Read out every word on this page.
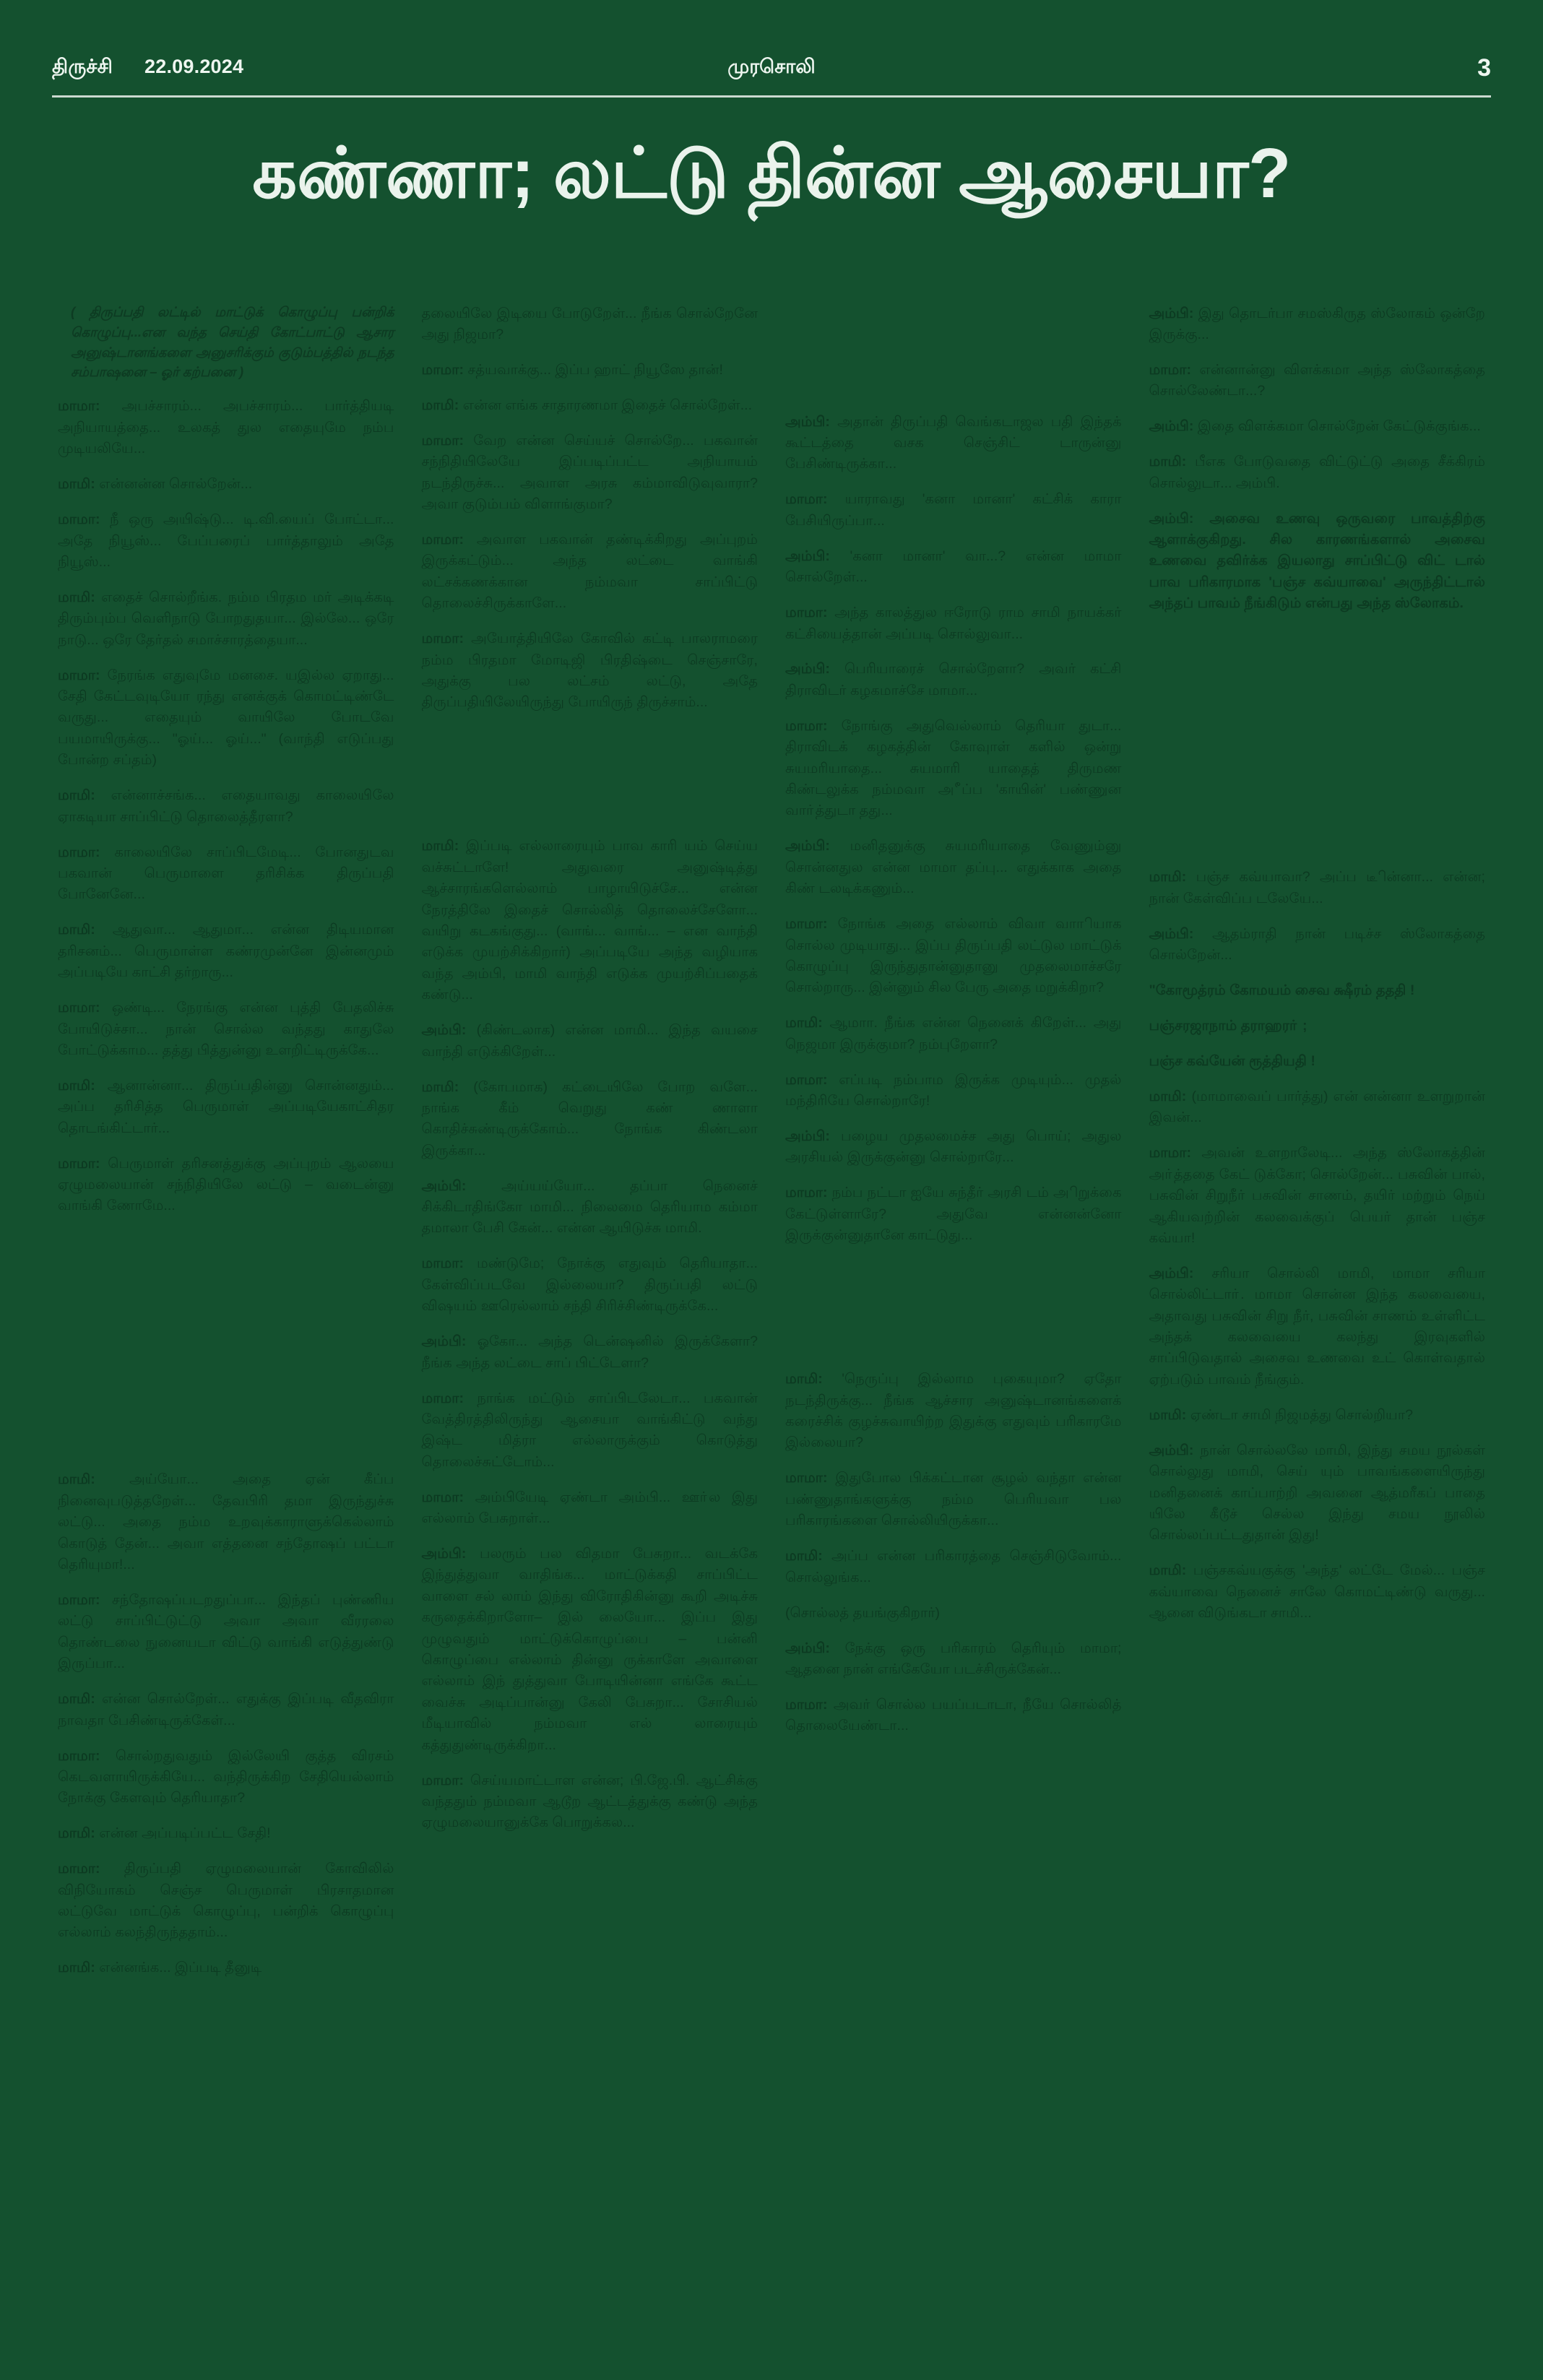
திருச்சி 22.09.2024	முரசொலி	3
கண்ணா; லட்டு தின்ன ஆசையா?

( திருப்பதி லட்டில் மாட்டுக் கொழுப்பு பன்றிக் கொழுப்பு...என வந்த செய்தி கோட்பாட்டு ஆசார அனுஷ்டானங்களை அனுசரிக்கும் குடும்பத்தில் நடந்த சம்பாஷனை – ஓர் கற்பனை )

மாமா: அபச்சாரம்... அபச்சாரம்... பார்த்தியடி அநியாயத்தை... உலகத் துல எதையுமே நம்ப முடியலியே...

மாமி: என்னன்ன சொல்றேன்...

மாமா: நீ ஒரு அயிஷ்டு... டி.வி.யைப் போட்டா... அதே நியூஸ்... பேப்பரைப் பார்த்தாலும் அதே நியூஸ்...

மாமி: எதைச் சொல்றீங்க. நம்ம பிரதம மர் அடிக்கடி திரும்பும்ப வெளிநாடு போறதுதயா... இல்லே... ஒரே நாடு... ஒரே தேர்தல் சமாச்சாரத்தையா...

மாமா: நேரங்க எதுவுமே மனசை. யஇல்ல ஏறாது... சேதி கேட்டவுடியோ ரந்து எனக்குக் கொமட்டிண்டே வருது... எதையும் வாயிலே போடவே பயமாயிருக்கு... "ஓய்... ஓய்..." (வாந்தி எடுப்பது போன்ற சப்தம்)

மாமி: என்னாச்சங்க... எதையாவது காலையிலே ஏாகடியா சாப்பிட்டு தொலைத்தீரளா?

மாமா: காலையிலே சாப்பிடமேடி... போனதுடவ பகவான் பெருமாளை தரிசிக்க திருப்பதி போனேனே...

மாமி: ஆதுவா... ஆதுமா... என்ன திடியமான தரிசனம்... பெருமாள்ள கண்ரமுன்னே இன்னமும் அப்படியே காட்சி தர்றாரு...

மாமா: ஒண்டி... நேரங்கு என்ன புத்தி பேதலிச்சு போயிடுச்சா... நான் சொல்ல வந்தது காதுலே போட்டுக்காம... தத்து பித்துன்னு உளறிட்டிருக்கே...

மாமி: ஆனான்னா... திருப்பதின்னு சொன்னதும்... அப்ப தரிசித்த பெருமாள் அப்படியேகாட்சிதர தொடங்கிட்டார்...

மாமா: பெருமாள் தரிசனத்துக்கு அப்புறம் ஆலயை ஏழுமலையான் சந்நிதியிலே லட்டு – வடைன்னு வாங்கி ணோமே...

மாமி: அய்யோ... அதை ஏன் கீப்ப நினைவுபடுத்தறேள்... தேவபிரி தமா இருந்துச்சு லட்டு... அதை நம்ம உறவுக்காராளுக்கெல்லாம் கொடுத் தேன்... அவா எத்தனை சந்தோஷப் பட்டா தெரியுமா!...

மாமா: சந்தோஷப்படறதுப்பா... இந்தப் புண்ணிய லட்டு சாப்பிட்டுட்டு அவா அவா வீரரலை தொண்டலை நுனையடா விட்டு வாங்கி எடுத்துண்டு இருப்பா...

மாமி: என்ன சொல்றேள்... எதுக்கு இப்படி வீதவிரா நாவதா பேசிண்டிருக்கேள்...

மாமா: சொல்றதுவதும் இல்லேயி குத்த விரசம் கெடவளாயிருக்கியே... வந்திருக்கிற சேதியெல்லாம் நோக்கு கேளவும் தெரியாதா?

மாமி: என்ன அப்படிப்பட்ட சேதி!

மாமா: திருப்பதி ஏழுமலையான் கோவிலில் விநியோகம் செஞ்ச பெருமாள் பிரசாதமான லட்டுவே மாட்டுக் கொழுப்பு, பன்றிக் கொழுப்பு எல்லாம் கலந்திருந்ததாம்...

மாமி: என்னங்க... இப்படி தீனுடி

தலையிலே இடியை போடுறேள்... நீங்க சொல்றேனே அது நிஜமா?

மாமா: சத்யவாக்கு... இப்ப ஹாட் நியூஸே தான்!

மாமி: என்ன எங்க சாதாரணமா இதைச் சொல்றேள்...

மாமா: வேற என்ன செய்யச் சொல்றே... பகவான் சந்நிதியிலேயே இப்படிப்பட்ட அநியாயம் நடந்திருச்சு... அவாள அரசு கம்மாவிடுவுவாரா? அவா குடும்பம் விளாங்குமா?

மாமா: அவாள பகவான் தண்டிக்கிறது அப்புறம் இருக்கட்டும்... அந்த லட்டை வாங்கி லட்சக்கணக்கான நம்மவா சாப்பிட்டு தொலைச்சிருக்காளே...

மாமா: அயோத்தியிலே கோவில் கட்டி பாலராமரை நம்ம பிரதமா மோடிஜி பிரதிஷ்டை செஞ்சாரே, அதுக்கு பல லட்சம் லட்டு, அதே திருப்பதியிலேயிருந்து போயிருந் திருச்சாம்...

மாமி: இப்படி எல்லாரையும் பாவ காரி யம் செய்ய வச்சுட்டாளே! அதுவரை அனுஷ்டித்து ஆச்சாரங்களெல்லாம் பாழாயிடுச்சே... என்ன நேரத்திலே இதைச் சொல்லித் தொலைச்சேளோ... வயிறு கடகங்குது... (வாங்... வாங்... – என வாந்தி எடுக்க முயற்சிக்கிறார்) அப்படியே அந்த வழியாக வந்த அம்பி, மாமி வாந்தி எடுக்க முயற்சிப்பதைக் கண்டு...

அம்பி: (கிண்டலாக) என்ன மாமி... இந்த வயசை வாந்தி எடுக்கிறேள்...

மாமி: (கோபமாக) கட்டையிலே போற வளே... நாங்க கீம் வெறுது கண் ணாளா கொதிச்சுண்டிருக்கோம்... நோங்க கிண்டலா இருக்கா...

அம்பி: அய்யய்யோ... தப்பா நெனைச் சிக்கிடாதிங்கோ மாமி... நிலைமை தெரியாம கம்மா தமாலா பேசி கேன்... என்ன ஆயிடுச்சு மாமி.

மாமா: மண்டுமே; நோக்கு எதுவும் தெரியாதா... கேள்விப்படவே இல்லையா? திருப்பதி லட்டு விஷயம் ஊரெல்லாம் சந்தி சிரிச்சிண்டிருக்கே...

அம்பி: ஓகோ... அந்த டென்ஷனில் இருக்கேளா? நீங்க அந்த லட்டை சாப் பிட்டேளா?

மாமா: நாங்க மட்டும் சாப்பிடலேடா... பகவான் வேத்திரத்திலிருந்து ஆசையா வாங்கிட்டு வந்து இஷ்ட மித்ரா எல்லாருக்கும் கொடுத்து தொலைச்சுட்டோம்...

மாமா: அம்பியேடி ஏண்டா அம்பி... ஊா்ல இது எல்லாம் பேசுறாள்...

அம்பி: பலரும் பல விதமா பேசுறா... வடக்கே இந்துத்துவா வாதிங்க... மாட்டுக்கதி சாப்பிட்ட வாளை சல் லாம் இந்து விரோதிகின்னு கூறி அடிச்சு கருதைக்கிறாளோ– இல் லையோ... இப்ப இது முழுவதும் மாட்டுக்கொழுப்பை – பன்னி கொழுப்பை எல்லாம் தின்னு ருக்காளே அவாளை எல்லாம் இந் துத்துவா போடியின்னா எங்கே கூட்ட வைச்சு அடிப்பான்னு கேலி பேசுறா... சோசியல் மீடியாவில் நம்மவா எல் லாரையும் கத்துதுண்டிருக்கிறா...

மாமா: செய்யமாட்டாள என்ன; பி.ஜே.பி. ஆட்சிக்கு வந்ததும் நம்மவா ஆடூற ஆட்டத்துக்கு கண்டு அந்த ஏழுமலையானுக்கே பொறுக்கல...

அம்பி: அதான் திருப்பதி வெங்கடாஜல பதி இந்தக் கூட்டத்தை வசக செஞ்சிட் டாருன்னு பேசிண்டிருக்கா...

மாமா: யாராவது 'கனா மானா' கட்சிக் காரா பேசியிருப்பா...

அம்பி: 'கனா மானா' வா...? என்ன மாமா சொல்றேள்...

மாமா: அந்த காலத்துல ஈரோடு ராம சாமி நாயக்கர் கட்சியைத்தான் அப்படி சொல்லுவா...

அம்பி: பெரியாரைச் சொல்றேளா? அவர் கட்சி திராவிடர் கழகமாச்சே மாமா...

மாமா: நோங்கு அதுவெல்லாம் தெரியா துடா... திராவிடக் கழகத்தின் கோவுாள் களில் ஒன்று சுயமரியாதை... சுயமாரி யாதைத் திருமண கிண்டலுக்க நம்மவா அீப்ப 'காயின்' பண்ணுன வாா்த்துடா தது...

அம்பி: மனிதனுக்கு சுயமரியாதை வேணும்னு சொன்னதுல என்ன மாமா தப்பு... எதுக்காக அதை கிண் டலடிக்கணும்...

மாமா: நோங்க அதை எல்லாம் விவா வாாியாக சொல்ல முடியாது... இப்ப திருப்பதி லட்டுல மாட்டுக் கொழுப்பு இருந்துதான்னுதானு முதலைமாச்சரே சொல்றாரு... இன்னும் சில பேரு அதை மறுக்கிறா?

மாமி: ஆமாா. நீங்க என்ன நெனைக் கிறேள்... அது நெஜமா இருக்குமா? நம்புறேளா?

மாமா: எப்படி நம்பாம இருக்க முடியும்... முதல் மந்திரியே சொல்றாரே!

அம்பி: பழைய முதலமைச்ச அது பொய்; அதுல அரசியல் இருக்குன்னு சொல்றாரே...

மாமா: நம்ப நட்டா ஐயே சுந்தீர் அரசி டம் அிறுக்கை கேட்டுள்ளாரே? அதுவே என்னன்னோ இருக்குன்னுதானே காட்டுது...

மாமி: 'நெருப்பு இல்லாம புகையுமா? ஏதோ நடந்திருக்கு... நீங்க ஆச்சார அனுஷ்டானங்களைக் கரைச்சிக் குழச்சுவாயிற்ற இதுக்கு எதுவும் பரிகாரமே இல்லையா?

மாமா: இதுபோல பிக்கட்டான சூழல் வந்தா என்ன பண்ணுதாங்களுக்கு நம்ம பெரியவா பல பரிகாரங்களை சொல்லியிருக்கா...

மாமி: அப்ப என்ன பரிகாரத்தை செஞ்சிடுவோம்... சொல்லுங்க...

(சொல்லத் தயங்குகிறார்)

அம்பி: நேக்கு ஒரு பரிகாரம் தெரியும் மாமா; ஆதனை நான் எங்கேயோ படச்சிருக்கேன்...

மாமா: அவர் சொல்ல பயப்படாடா, நீயே சொல்லித் தொலையேண்டா...

அம்பி: இது தொடர்பா சமஸ்கிருத ஸ்லோகம் ஒன்றே இருக்கு...

மாமா: என்னான்னு விளக்கமா அந்த ஸ்லோகத்தை சொல்லேண்டா...?

அம்பி: இதை விளக்கமா சொல்றேன் கேட்டுக்குங்க...

மாமி: பீஎக போடுவதை விட்டுட்டு அதை சீக்கிரம் சொல்லுடா... அம்பி.

அம்பி: அசைவ உணவு ஒருவரை பாவத்திற்கு ஆளாக்குகிறது. சில காரணங்களால் அசைவ உணவை தவிர்க்க இயலாது சாப்பிட்டு விட் டால் பாவ பரிகாரமாக 'பஞ்ச கவ்யாவை' அருந்திட்டால் அந்தப் பாவம் நீங்கிடும் என்பது அந்த ஸ்லோகம்.

மாமி: பஞ்ச கவ்யாவா? அப்ப டிீன்னா... என்ன; நான் கேள்விப்ப டலேயே...

அம்பி: ஆதம்ராதி நான் படிச்ச ஸ்லோகத்தை சொல்றேன்...

"கோமூத்ரம் கோமயம் சைவ க்ஷீரம் தததி !

பஞ்சரஜாநாம் தராஹரா் ;

பஞ்ச கவ்யேன் ரூத்தியதி !

மாமி: (மாமாவைப் பார்த்து) என் னன்னா உளறுறான் இவன்...

மாமா: அவன் உளறாலேடி... அந்த ஸ்லோகத்தின் அா்த்ததை கேட் டுக்கோ; சொல்றேன்... பசுவின் பால், பசுவின் சிறுநீர் பசுவின் சாணம், தயிர் மற்றும் நெய் ஆகியவற்றின் கலவைக்குப் பெயர் தான் பஞ்ச கவ்யா!

அம்பி: சரியா சொல்லி மாமி, மாமா சரியா சொல்லிட்டாா். மாமா சொன்ன இந்த கலவையை, அதாவது பசுவின் சிறு நீர், பசுவின் சாணம் உள்ளிட்ட அந்தக் கலவையை கலந்து இரவுகளில் சாப்பிடுவதால் அசைவ உணவை உட் கொள்வதால் ஏற்படும் பாவம் நீங்கும்.

மாமி: ஏண்டா சாமி நிஜமத்து சொல்றியா?

அம்பி: நான் சொல்லலே மாமி, இந்து சமய நூல்கள் சொல்லுது மாமி, செய் யும் பாவங்களையிருந்து மனிதனைக் காப்பாற்றி அவனை ஆத்மரீகப் பாதை யிலே கீடூச் செல்ல இந்து சமய நூலில் சொல்லப்பட்டதுதான் இது!

மாமி: பஞ்சகவ்யகுக்கு 'அந்த' லட்டே மேல்... பஞ்ச கவ்யாவை நெனைச் சாலே கொமட்டிண்டு வருது... ஆனை விடுங்கடா சாமி...
